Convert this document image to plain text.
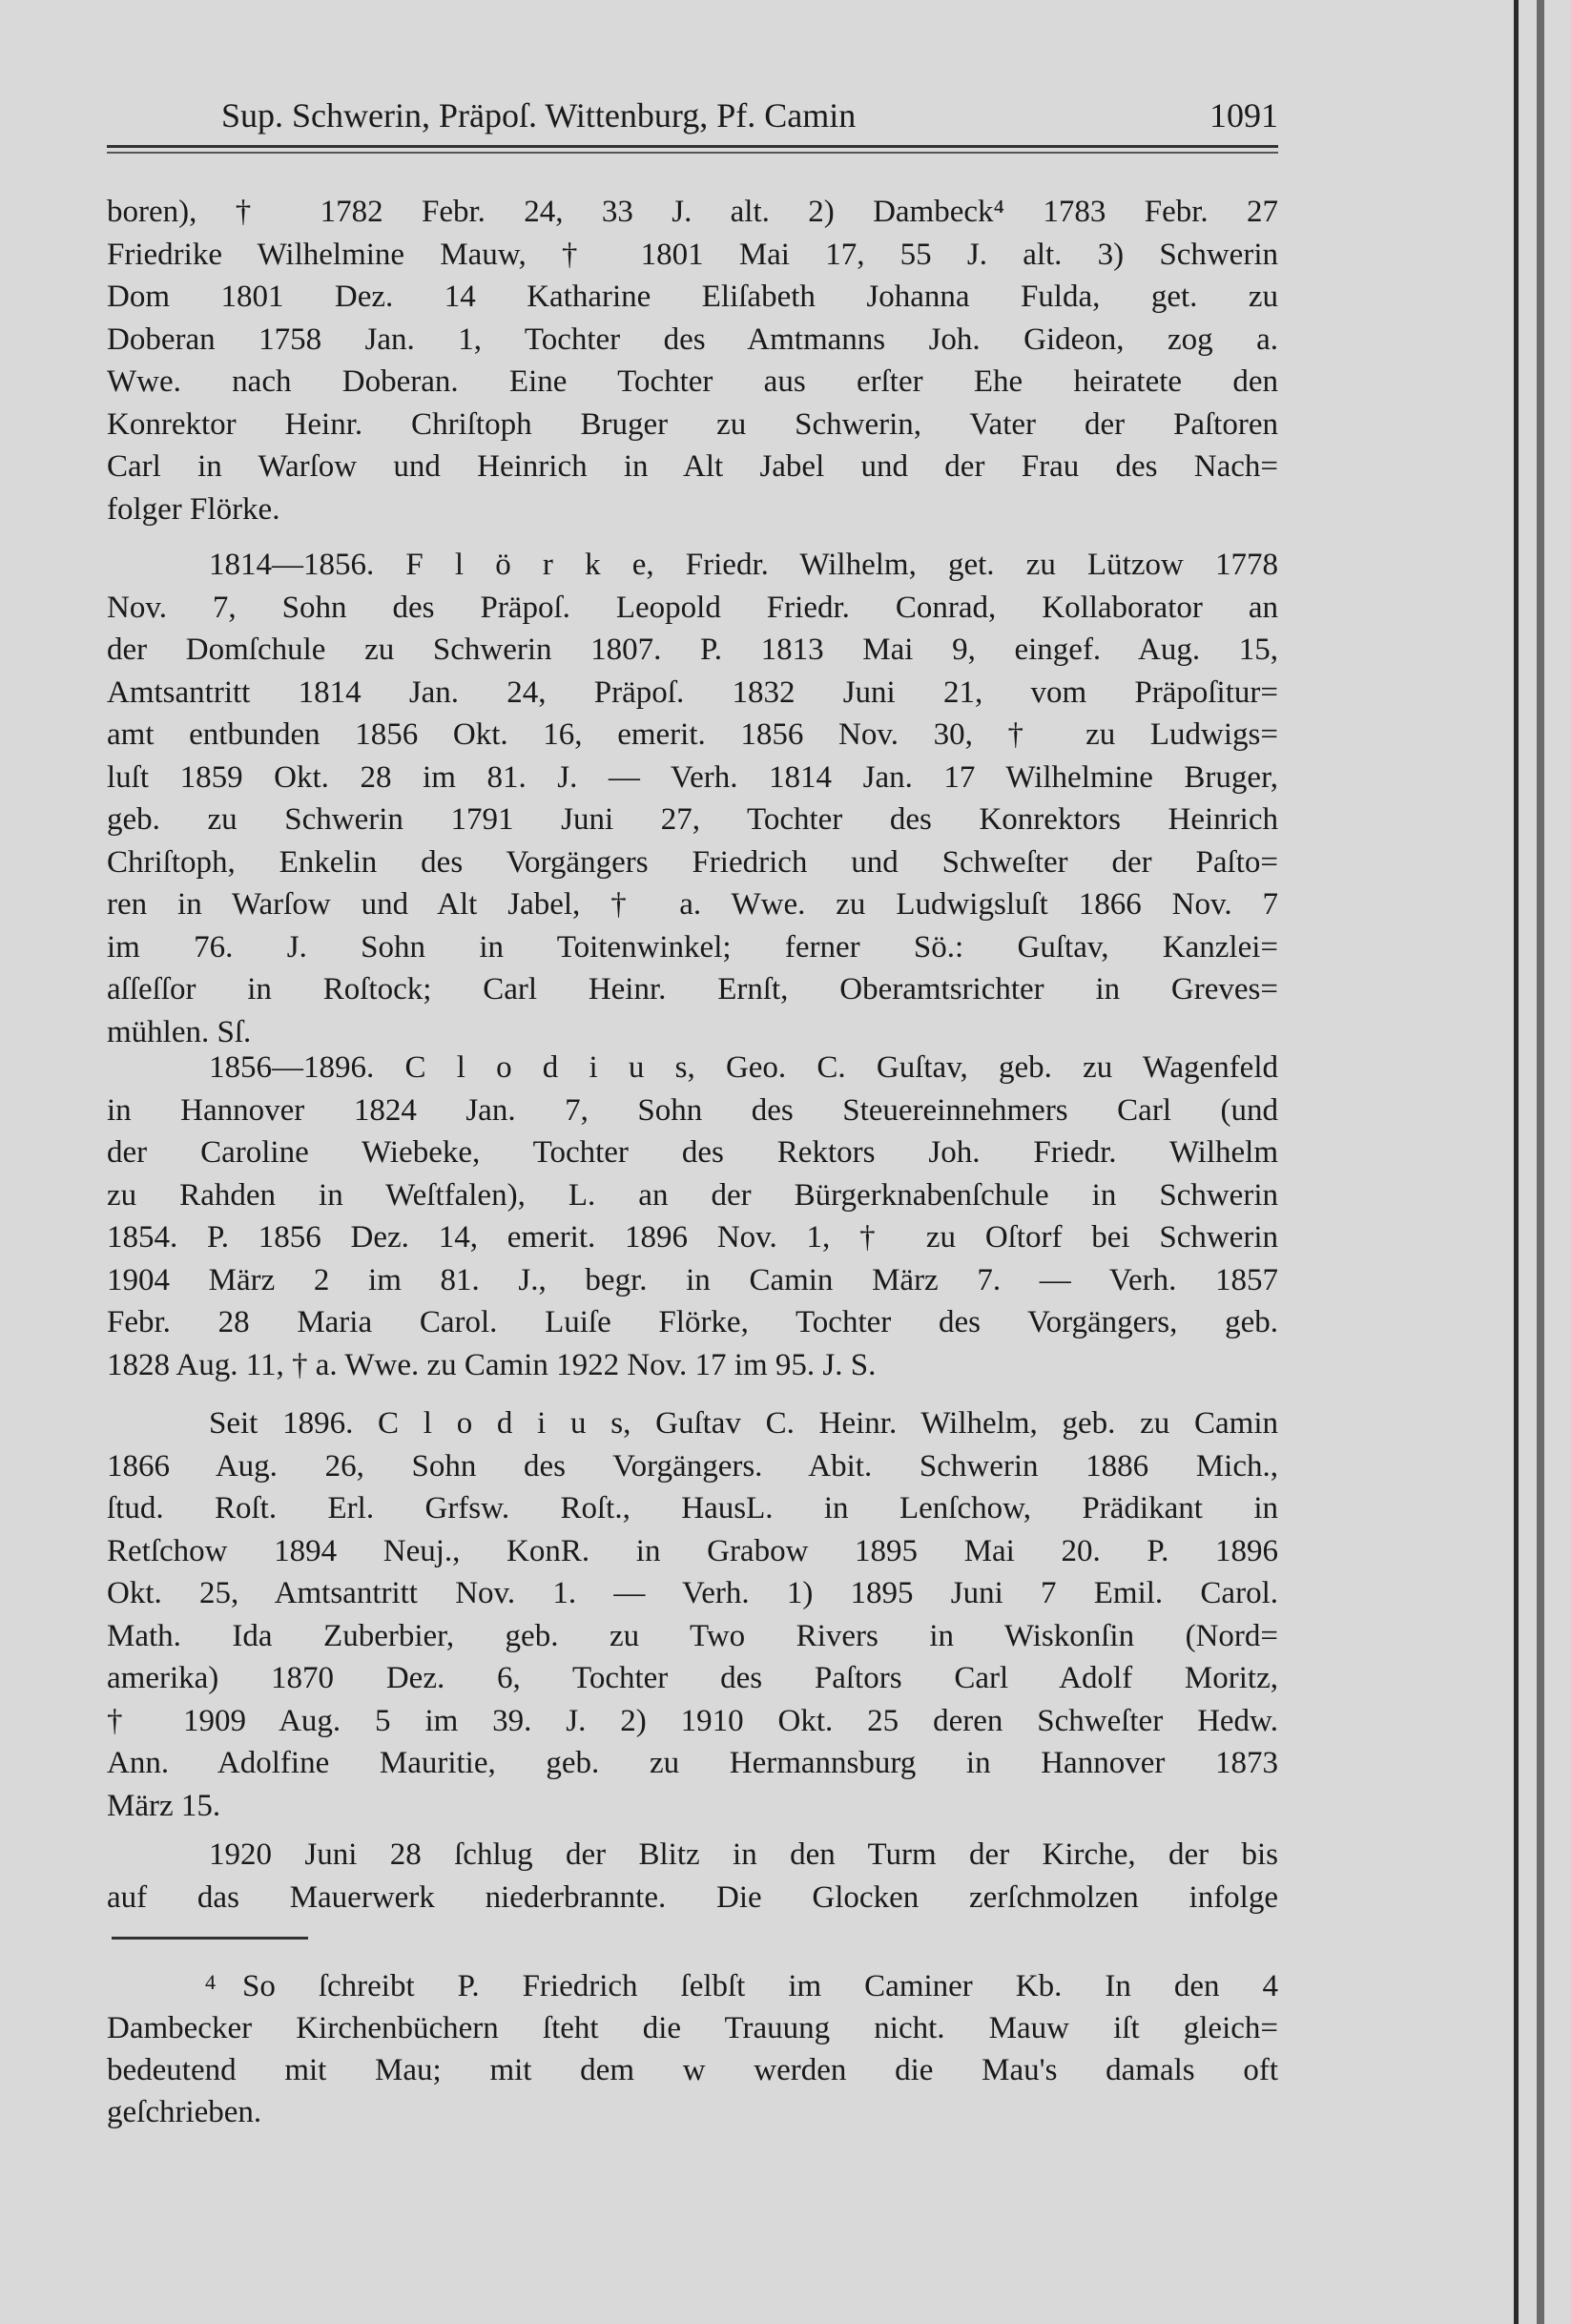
Sup. Schwerin, Präpoſ. Wittenburg, Pf. Camin	1091
boren), † 1782 Febr. 24, 33 J. alt. 2) Dambeck⁴ 1783 Febr. 27
Friedrike Wilhelmine Mauw, † 1801 Mai 17, 55 J. alt. 3) Schwerin
Dom 1801 Dez. 14 Katharine Eliſabeth Johanna Fulda, get. zu
Doberan 1758 Jan. 1, Tochter des Amtmanns Joh. Gideon, zog a.
Wwe. nach Doberan. Eine Tochter aus erſter Ehe heiratete den
Konrektor Heinr. Chriſtoph Bruger zu Schwerin, Vater der Paſtoren
Carl in Warſow und Heinrich in Alt Jabel und der Frau des Nach=
folger Flörke.
1814—1856. F l ö r k e, Friedr. Wilhelm, get. zu Lützow 1778
Nov. 7, Sohn des Präpoſ. Leopold Friedr. Conrad, Kollaborator an
der Domſchule zu Schwerin 1807. P. 1813 Mai 9, eingef. Aug. 15,
Amtsantritt 1814 Jan. 24, Präpoſ. 1832 Juni 21, vom Präpoſitur=
amt entbunden 1856 Okt. 16, emerit. 1856 Nov. 30, † zu Ludwigs=
luſt 1859 Okt. 28 im 81. J. — Verh. 1814 Jan. 17 Wilhelmine Bruger,
geb. zu Schwerin 1791 Juni 27, Tochter des Konrektors Heinrich
Chriſtoph, Enkelin des Vorgängers Friedrich und Schweſter der Paſto=
ren in Warſow und Alt Jabel, † a. Wwe. zu Ludwigsluſt 1866 Nov. 7
im 76. J. Sohn in Toitenwinkel; ferner Sö.: Guſtav, Kanzlei=
aſſeſſor in Roſtock; Carl Heinr. Ernſt, Oberamtsrichter in Greves=
mühlen. Sſ.
1856—1896. C l o d i u s, Geo. C. Guſtav, geb. zu Wagenfeld
in Hannover 1824 Jan. 7, Sohn des Steuereinnehmers Carl (und
der Caroline Wiebeke, Tochter des Rektors Joh. Friedr. Wilhelm
zu Rahden in Weſtfalen), L. an der Bürgerknabenſchule in Schwerin
1854. P. 1856 Dez. 14, emerit. 1896 Nov. 1, † zu Oſtorf bei Schwerin
1904 März 2 im 81. J., begr. in Camin März 7. — Verh. 1857
Febr. 28 Maria Carol. Luiſe Flörke, Tochter des Vorgängers, geb.
1828 Aug. 11, † a. Wwe. zu Camin 1922 Nov. 17 im 95. J. S.
Seit 1896. C l o d i u s, Guſtav C. Heinr. Wilhelm, geb. zu Camin
1866 Aug. 26, Sohn des Vorgängers. Abit. Schwerin 1886 Mich.,
ſtud. Roſt. Erl. Grfsw. Roſt., HausL. in Lenſchow, Prädikant in
Retſchow 1894 Neuj., KonR. in Grabow 1895 Mai 20. P. 1896
Okt. 25, Amtsantritt Nov. 1. — Verh. 1) 1895 Juni 7 Emil. Carol.
Math. Ida Zuberbier, geb. zu Two Rivers in Wiskonſin (Nord=
amerika) 1870 Dez. 6, Tochter des Paſtors Carl Adolf Moritz,
† 1909 Aug. 5 im 39. J. 2) 1910 Okt. 25 deren Schweſter Hedw.
Ann. Adolfine Mauritie, geb. zu Hermannsburg in Hannover 1873
März 15.
1920 Juni 28 ſchlug der Blitz in den Turm der Kirche, der bis
auf das Mauerwerk niederbrannte. Die Glocken zerſchmolzen infolge
4 So ſchreibt P. Friedrich ſelbſt im Caminer Kb. In den 4
Dambecker Kirchenbüchern ſteht die Trauung nicht. Mauw iſt gleich=
bedeutend mit Mau; mit dem w werden die Mau's damals oft
geſchrieben.
